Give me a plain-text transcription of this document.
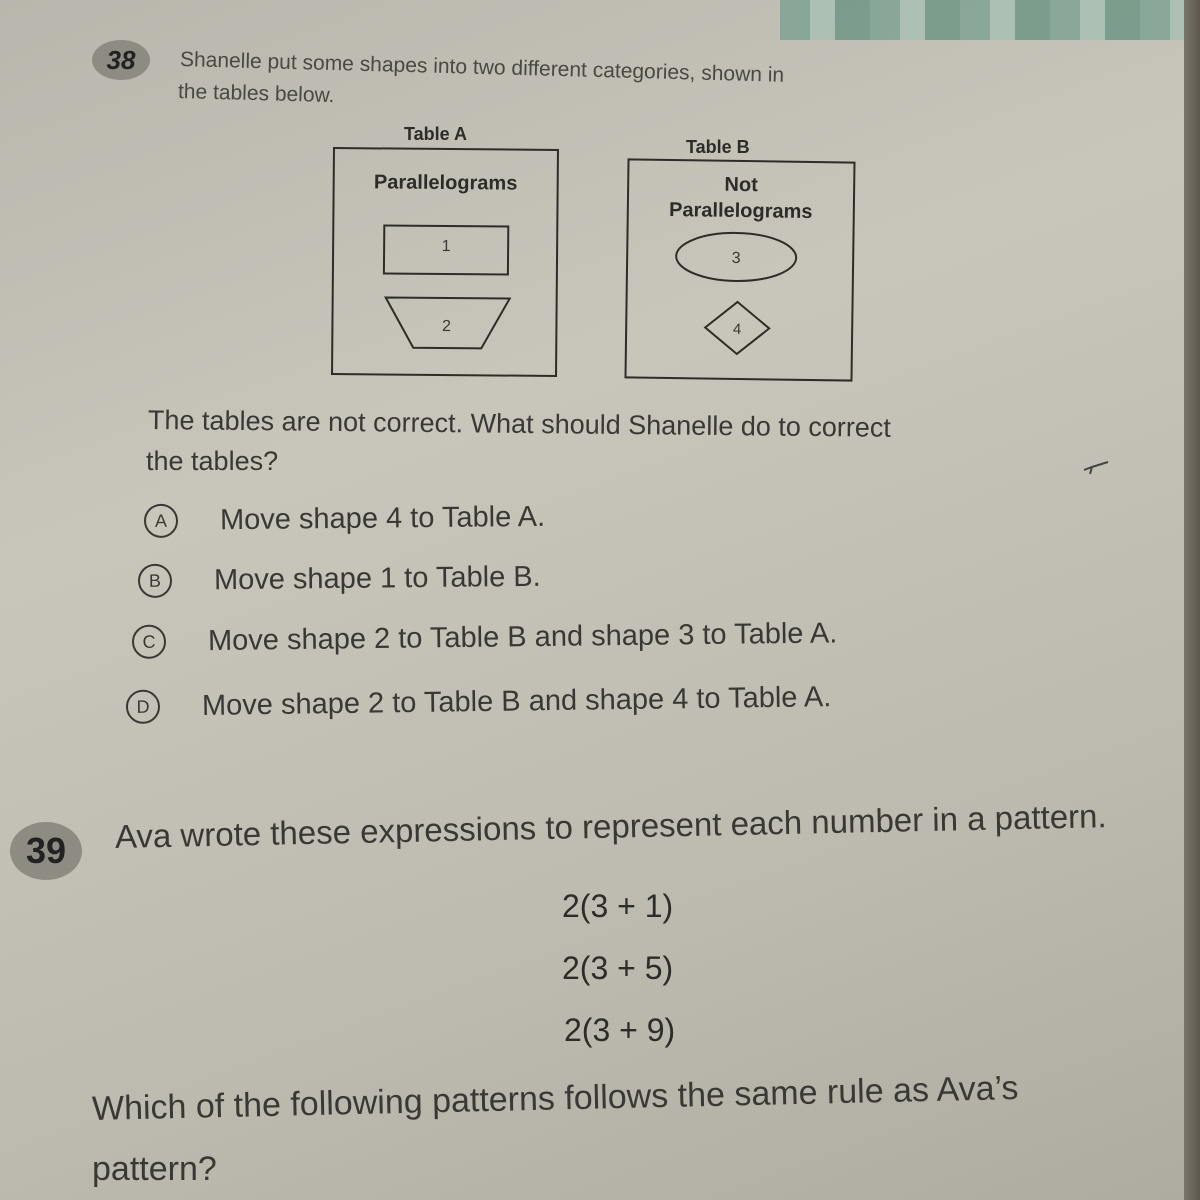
38	Shanelle put some shapes into two different categories, shown in
the tables below.
Table A
Parallelograms
1
2
Table B
Not
Parallelograms
3
4
The tables are not correct. What should Shanelle do to correct
the tables?
A	Move shape 4 to Table A.
B	Move shape 1 to Table B.
C	Move shape 2 to Table B and shape 3 to Table A.
D	Move shape 2 to Table B and shape 4 to Table A.
39	Ava wrote these expressions to represent each number in a pattern.
2(3 + 1)
2(3 + 5)
2(3 + 9)
Which of the following patterns follows the same rule as Ava’s
pattern?
